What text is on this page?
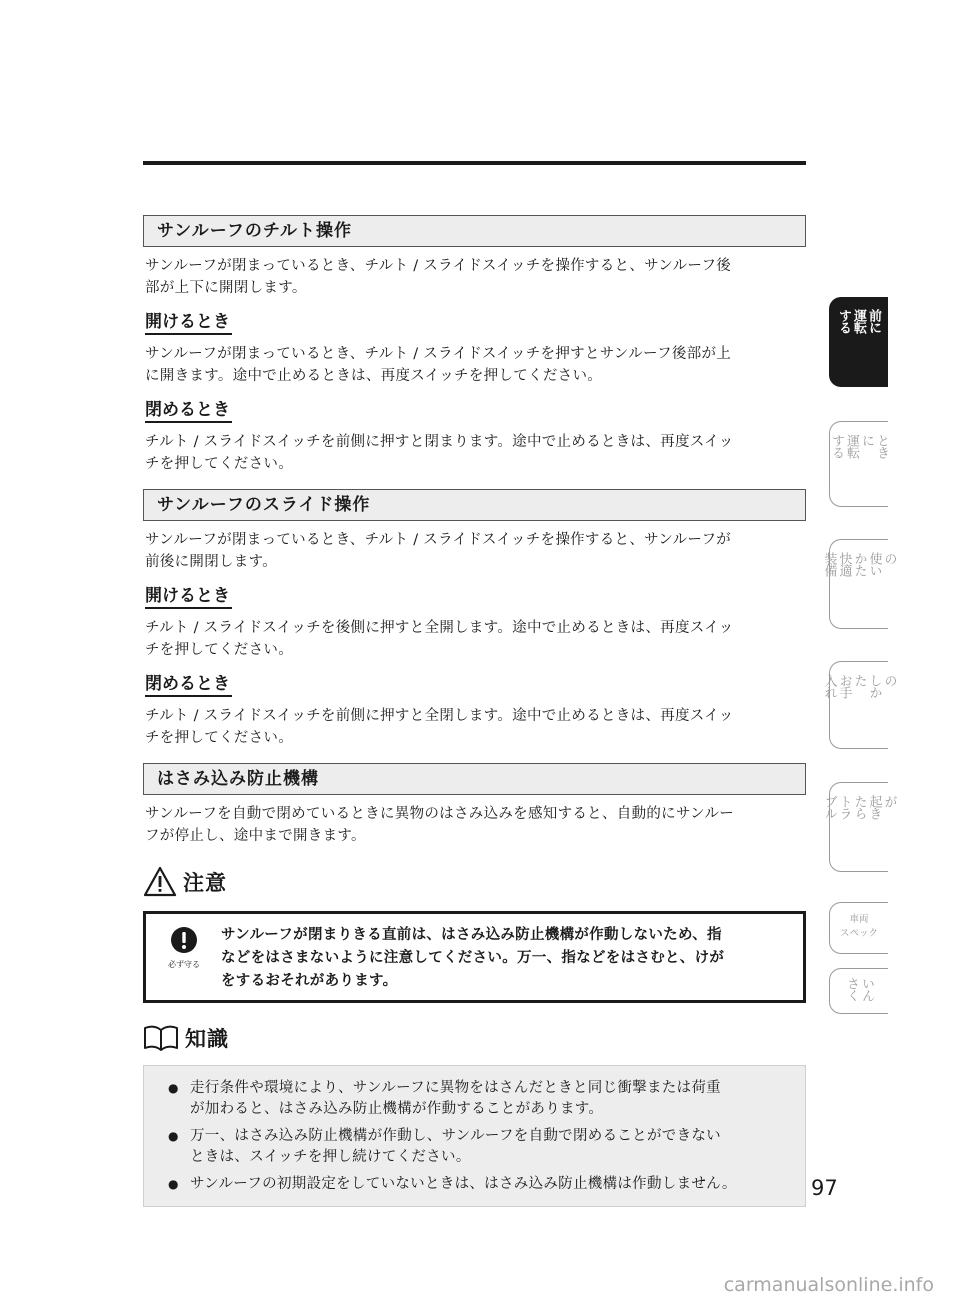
サンルーフのチルト操作
サンルーフが閉まっているとき、チルト / スライドスイッチを操作すると、サンルーフ後
部が上下に開閉します。
開けるとき
サンルーフが閉まっているとき、チルト / スライドスイッチを押すとサンルーフ後部が上
に開きます。途中で止めるときは、再度スイッチを押してください。
閉めるとき
チルト / スライドスイッチを前側に押すと閉まります。途中で止めるときは、再度スイッ
チを押してください。
サンルーフのスライド操作
サンルーフが閉まっているとき、チルト / スライドスイッチを操作すると、サンルーフが
前後に開閉します。
開けるとき
チルト / スライドスイッチを後側に押すと全開します。途中で止めるときは、再度スイッ
チを押してください。
閉めるとき
チルト / スライドスイッチを前側に押すと全閉します。途中で止めるときは、再度スイッ
チを押してください。
はさみ込み防止機構
サンルーフを自動で閉めているときに異物のはさみ込みを感知すると、自動的にサンルー
フが停止し、途中まで開きます。
注意
必ず守る
サンルーフが閉まりきる直前は、はさみ込み防止機構が作動しないため、指
などをはさまないように注意してください。万一、指などをはさむと、けが
をするおそれがあります。
知識
● 走行条件や環境により、サンルーフに異物をはさんだときと同じ衝撃または荷重
が加わると、はさみ込み防止機構が作動することがあります。
● 万一、はさみ込み防止機構が作動し、サンルーフを自動で閉めることができない
ときは、スイッチを押し続けてください。
● サンルーフの初期設定をしていないときは、はさみ込み防止機構は作動しません。
運転
する	前に
運転
する	とき
に
快適
装備	使い
かた	の
お手
入れ	しか
た	の
トラ
ブル	起き
たら	が
車両
スペック
さく いん
97
carmanualsonline.info
